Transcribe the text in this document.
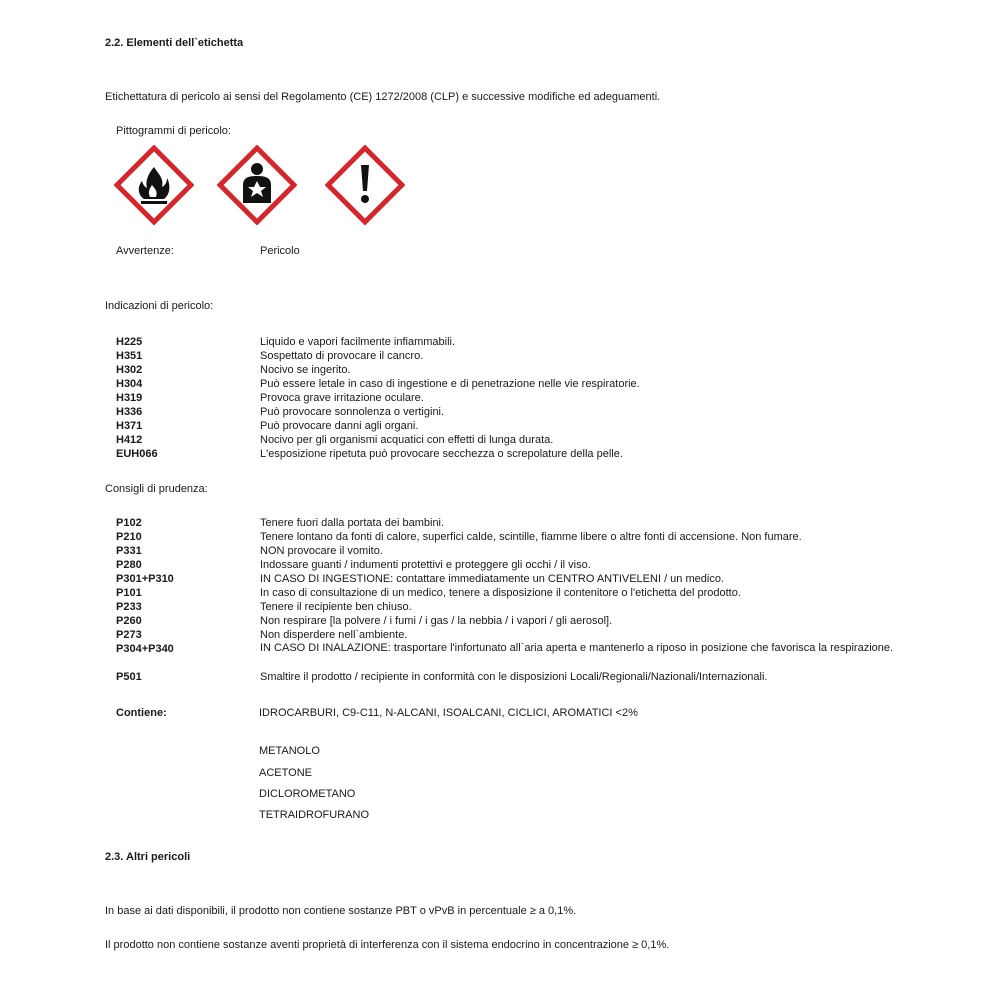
2.2. Elementi dell`etichetta
Etichettatura di pericolo ai sensi del Regolamento (CE) 1272/2008 (CLP) e successive modifiche ed adeguamenti.
Pittogrammi di pericolo:
Avvertenze:	Pericolo
Indicazioni di pericolo:
H225	Liquido e vapori facilmente infiammabili.
H351	Sospettato di provocare il cancro.
H302	Nocivo se ingerito.
H304	Può essere letale in caso di ingestione e di penetrazione nelle vie respiratorie.
H319	Provoca grave irritazione oculare.
H336	Può provocare sonnolenza o vertigini.
H371	Può provocare danni agli organi.
H412	Nocivo per gli organismi acquatici con effetti di lunga durata.
EUH066	L'esposizione ripetuta può provocare secchezza o screpolature della pelle.
Consigli di prudenza:
P102	Tenere fuori dalla portata dei bambini.
P210	Tenere lontano da fonti di calore, superfici calde, scintille, fiamme libere o altre fonti di accensione. Non fumare.
P331	NON provocare il vomito.
P280	Indossare guanti / indumenti protettivi e proteggere gli occhi / il viso.
P301+P310	IN CASO DI INGESTIONE: contattare immediatamente un CENTRO ANTIVELENI / un medico.
P101	In caso di consultazione di un medico, tenere a disposizione il contenitore o l'etichetta del prodotto.
P233	Tenere il recipiente ben chiuso.
P260	Non respirare [la polvere / i fumi / i gas / la nebbia / i vapori / gli aerosol].
P273	Non disperdere nell`ambiente.
P304+P340	IN CASO DI INALAZIONE: trasportare l'infortunato all`aria aperta e mantenerlo a riposo in posizione che favorisca la respirazione.
P501	Smaltire il prodotto / recipiente in conformità con le disposizioni Locali/Regionali/Nazionali/Internazionali.
Contiene:	IDROCARBURI, C9-C11, N-ALCANI, ISOALCANI, CICLICI, AROMATICI <2%
METANOLO
ACETONE
DICLOROMETANO
TETRAIDROFURANO
2.3. Altri pericoli
In base ai dati disponibili, il prodotto non contiene sostanze PBT o vPvB in percentuale ≥ a 0,1%.
Il prodotto non contiene sostanze aventi proprietà di interferenza con il sistema endocrino in concentrazione ≥ 0,1%.
